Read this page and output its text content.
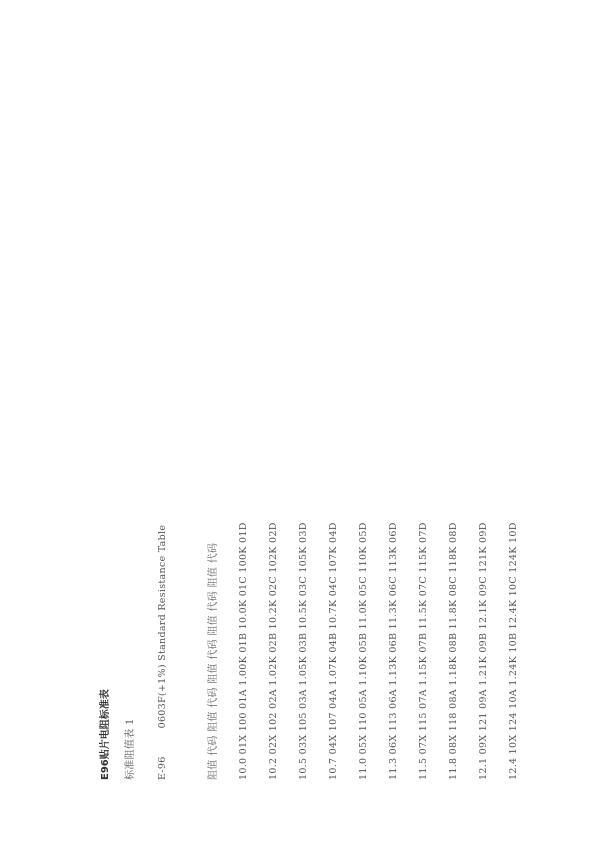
E96贴片电阻标准表 标准阻值表 1 E-960603F(+1%) Standard Resistance Table	阻值 代码 阻值 代码 阻值 代码 阻值 代码 阻值 代码 10.0 01X 100 01A 1.00K 01B 10.0K 01C 100K 01D 10.2 02X 102 02A 1.02K 02B 10.2K 02C 102K 02D 10.5 03X 105 03A 1.05K 03B 10.5K 03C 105K 03D 10.7 04X 107 04A 1.07K 04B 10.7K 04C 107K 04D 11.0 05X 110 05A 1.10K 05B 11.0K 05C 110K 05D 11.3 06X 113 06A 1.13K 06B 11.3K 06C 113K 06D 11.5 07X 115 07A 1.15K 07B 11.5K 07C 115K 07D 11.8 08X 118 08A 1.18K 08B 11.8K 08C 118K 08D 12.1 09X 121 09A 1.21K 09B 12.1K 09C 121K 09D 12.4 10X 124 10A 1.24K 10B 12.4K 10C 124K 10D
